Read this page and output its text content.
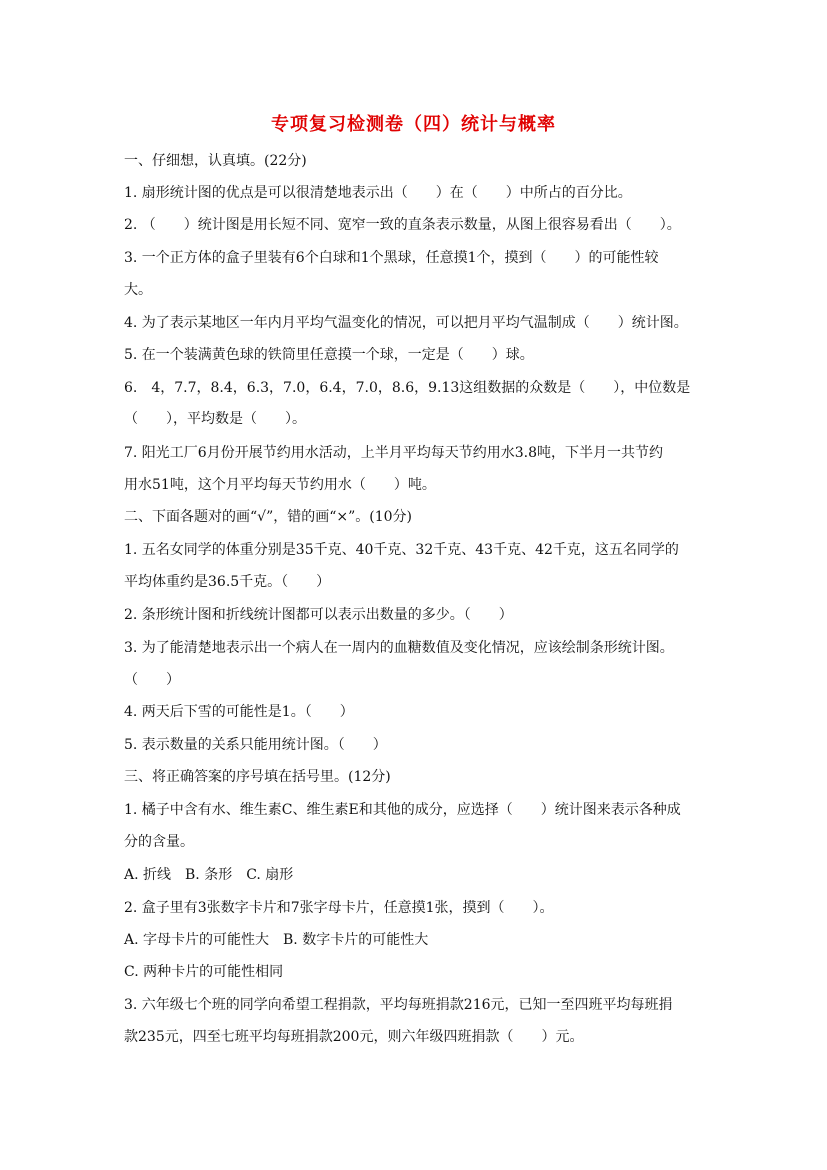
专项复习检测卷（四）统计与概率
一、仔细想，认真填。(22分)
1. 扇形统计图的优点是可以很清楚地表示出（　　）在（　　）中所占的百分比。
2. （　　）统计图是用长短不同、宽窄一致的直条表示数量，从图上很容易看出（　　）。
3. 一个正方体的盒子里装有6个白球和1个黑球，任意摸1个，摸到（　　）的可能性较
大。
4. 为了表示某地区一年内月平均气温变化的情况，可以把月平均气温制成（　　）统计图。
5. 在一个装满黄色球的铁筒里任意摸一个球，一定是（　　）球。
6.　4，7.7，8.4，6.3，7.0，6.4，7.0，8.6，9.13这组数据的众数是（　　），中位数是
（　　），平均数是（　　）。
7. 阳光工厂6月份开展节约用水活动，上半月平均每天节约用水3.8吨，下半月一共节约
用水51吨，这个月平均每天节约用水（　　）吨。
二、下面各题对的画“√”，错的画“×”。(10分)
1. 五名女同学的体重分别是35千克、40千克、32千克、43千克、42千克，这五名同学的
平均体重约是36.5千克。（　　）
2. 条形统计图和折线统计图都可以表示出数量的多少。（　　）
3. 为了能清楚地表示出一个病人在一周内的血糖数值及变化情况，应该绘制条形统计图。
（　　）
4. 两天后下雪的可能性是1。（　　）
5. 表示数量的关系只能用统计图。（　　）
三、将正确答案的序号填在括号里。(12分)
1. 橘子中含有水、维生素C、维生素E和其他的成分，应选择（　　）统计图来表示各种成
分的含量。
A. 折线　B. 条形　C. 扇形
2. 盒子里有3张数字卡片和7张字母卡片，任意摸1张，摸到（　　）。
A. 字母卡片的可能性大　B. 数字卡片的可能性大
C. 两种卡片的可能性相同
3. 六年级七个班的同学向希望工程捐款，平均每班捐款216元，已知一至四班平均每班捐
款235元，四至七班平均每班捐款200元，则六年级四班捐款（　　）元。
